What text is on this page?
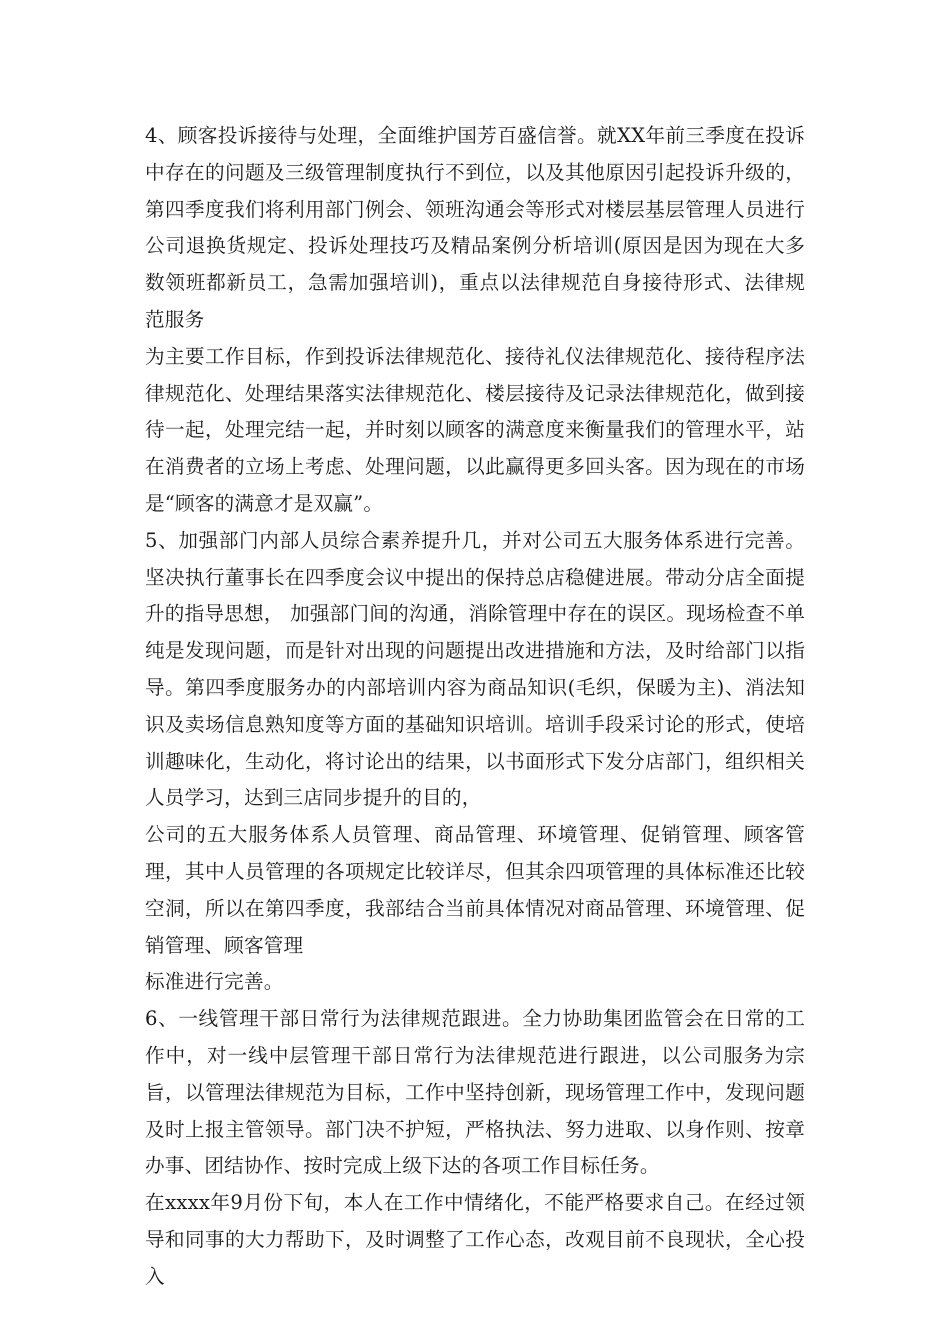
4、顾客投诉接待与处理，全面维护国芳百盛信誉。就XX年前三季度在投诉中存在的问题及三级管理制度执行不到位，以及其他原因引起投诉升级的，第四季度我们将利用部门例会、领班沟通会等形式对楼层基层管理人员进行公司退换货规定、投诉处理技巧及精品案例分析培训(原因是因为现在大多数领班都新员工，急需加强培训)，重点以法律规范自身接待形式、法律规范服务

为主要工作目标，作到投诉法律规范化、接待礼仪法律规范化、接待程序法律规范化、处理结果落实法律规范化、楼层接待及记录法律规范化，做到接待一起，处理完结一起，并时刻以顾客的满意度来衡量我们的管理水平，站在消费者的立场上考虑、处理问题，以此赢得更多回头客。因为现在的市场是“顾客的满意才是双赢”。

5、加强部门内部人员综合素养提升几，并对公司五大服务体系进行完善。坚决执行董事长在四季度会议中提出的保持总店稳健进展。带动分店全面提升的指导思想， 加强部门间的沟通，消除管理中存在的误区。现场检查不单纯是发现问题，而是针对出现的问题提出改进措施和方法，及时给部门以指导。第四季度服务办的内部培训内容为商品知识(毛织，保暖为主)、消法知识及卖场信息熟知度等方面的基础知识培训。培训手段采讨论的形式，使培训趣味化，生动化，将讨论出的结果，以书面形式下发分店部门，组织相关人员学习，达到三店同步提升的目的，

公司的五大服务体系人员管理、商品管理、环境管理、促销管理、顾客管理，其中人员管理的各项规定比较详尽，但其余四项管理的具体标准还比较空洞，所以在第四季度，我部结合当前具体情况对商品管理、环境管理、促销管理、顾客管理

标准进行完善。

6、一线管理干部日常行为法律规范跟进。全力协助集团监管会在日常的工作中，对一线中层管理干部日常行为法律规范进行跟进，以公司服务为宗旨，以管理法律规范为目标，工作中坚持创新，现场管理工作中，发现问题及时上报主管领导。部门决不护短，严格执法、努力进取、以身作则、按章办事、团结协作、按时完成上级下达的各项工作目标任务。

在xxxx年9月份下旬，本人在工作中情绪化，不能严格要求自己。在经过领导和同事的大力帮助下，及时调整了工作心态，改观目前不良现状，全心投入
